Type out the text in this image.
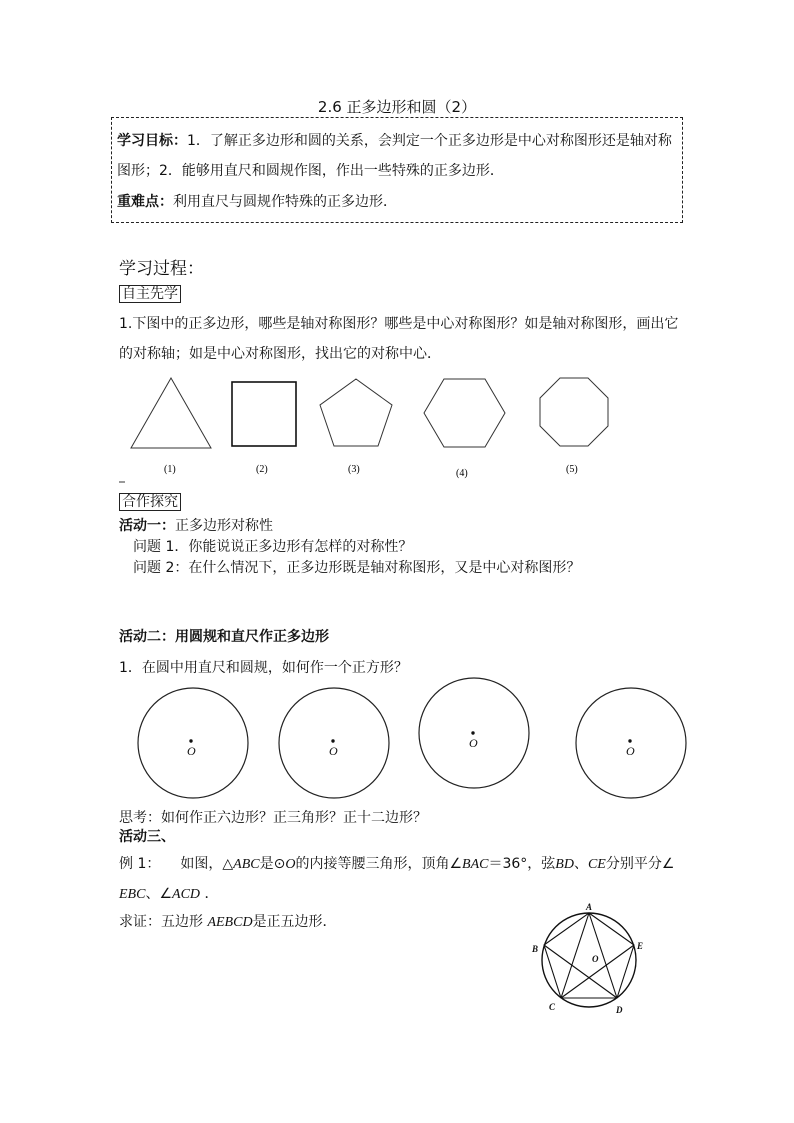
2.6 正多边形和圆（2）
学习目标：1．了解正多边形和圆的关系，会判定一个正多边形是中心对称图形还是轴对称
图形；2．能够用直尺和圆规作图，作出一些特殊的正多边形．
重难点：利用直尺与圆规作特殊的正多边形．
学习过程：
自主先学
1.下图中的正多边形，哪些是轴对称图形？哪些是中心对称图形？如是轴对称图形，画出它
的对称轴；如是中心对称图形，找出它的对称中心．
(1)	(2)	(3)	(4)	(5)
O	O
O
O
A
B
C	D
E
O
合作探究
活动一：正多边形对称性
问题 1．你能说说正多边形有怎样的对称性？
问题 2：在什么情况下，正多边形既是轴对称图形，又是中心对称图形？
活动二：用圆规和直尺作正多边形
1．在圆中用直尺和圆规，如何作一个正方形？
思考：如何作正六边形？正三角形？正十二边形？
活动三、
例 1： 如图，△ABC是⊙O的内接等腰三角形，顶角∠BAC＝36°，弦BD、CE分别平分∠
EBC、∠ACD ．
求证：五边形 AEBCD是正五边形．
